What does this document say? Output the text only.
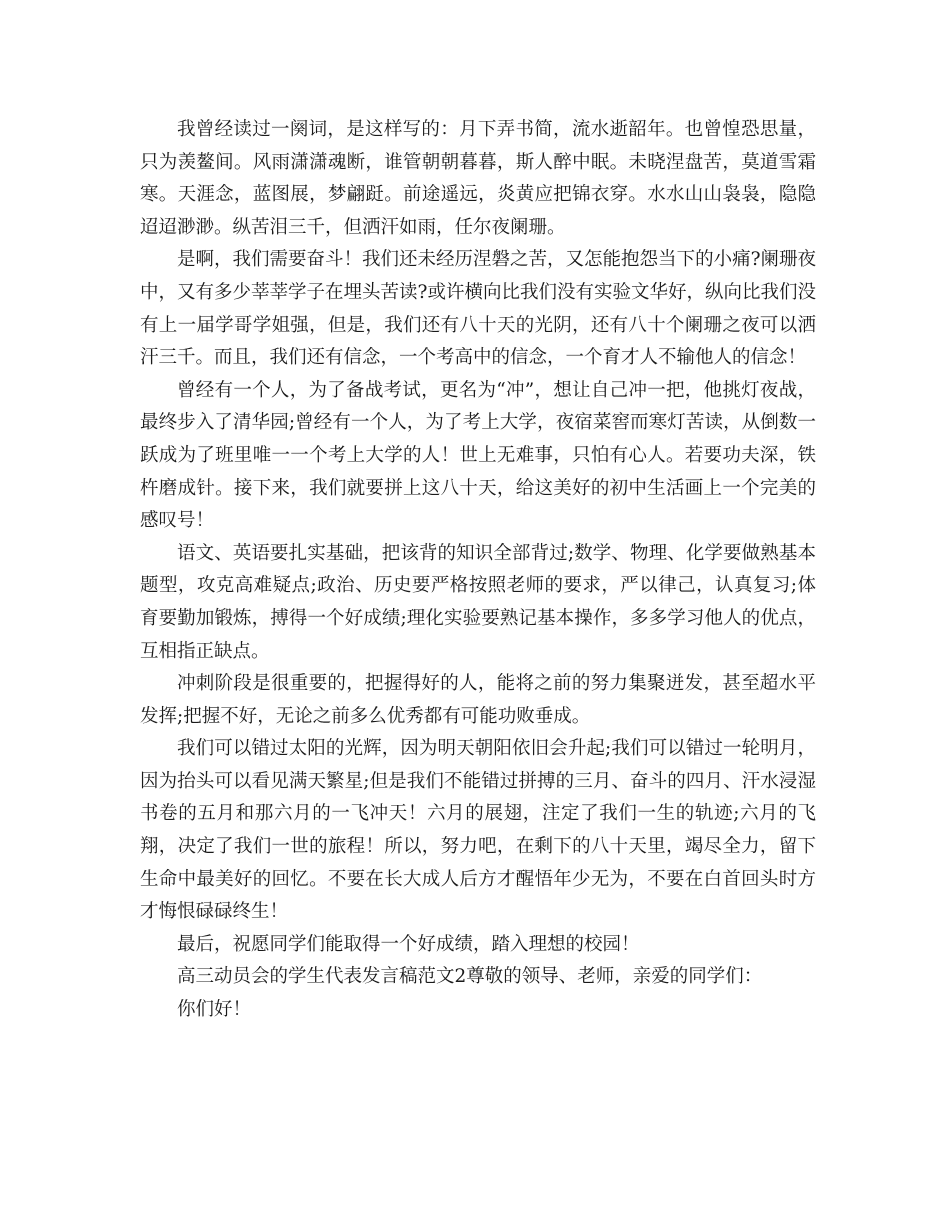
我曾经读过一阕词，是这样写的：月下弄书简，流水逝韶年。也曾惶恐思量，只为羡鳌间。风雨潇潇魂断，谁管朝朝暮暮，斯人醉中眠。未晓涅盘苦，莫道雪霜寒。天涯念，蓝图展，梦翩跹。前途遥远，炎黄应把锦衣穿。水水山山袅袅，隐隐迢迢渺渺。纵苦泪三千，但洒汗如雨，任尔夜阑珊。

是啊，我们需要奋斗！我们还未经历涅磐之苦，又怎能抱怨当下的小痛?阑珊夜中，又有多少莘莘学子在埋头苦读?或许横向比我们没有实验文华好，纵向比我们没有上一届学哥学姐强，但是，我们还有八十天的光阴，还有八十个阑珊之夜可以洒汗三千。而且，我们还有信念，一个考高中的信念，一个育才人不输他人的信念！

曾经有一个人，为了备战考试，更名为“冲”，想让自己冲一把，他挑灯夜战，最终步入了清华园;曾经有一个人，为了考上大学，夜宿菜窖而寒灯苦读，从倒数一跃成为了班里唯一一个考上大学的人！世上无难事，只怕有心人。若要功夫深，铁杵磨成针。接下来，我们就要拼上这八十天，给这美好的初中生活画上一个完美的感叹号！

语文、英语要扎实基础，把该背的知识全部背过;数学、物理、化学要做熟基本题型，攻克高难疑点;政治、历史要严格按照老师的要求，严以律己，认真复习;体育要勤加锻炼，搏得一个好成绩;理化实验要熟记基本操作，多多学习他人的优点，互相指正缺点。

冲刺阶段是很重要的，把握得好的人，能将之前的努力集聚迸发，甚至超水平发挥;把握不好，无论之前多么优秀都有可能功败垂成。

我们可以错过太阳的光辉，因为明天朝阳依旧会升起;我们可以错过一轮明月，因为抬头可以看见满天繁星;但是我们不能错过拼搏的三月、奋斗的四月、汗水浸湿书卷的五月和那六月的一飞冲天！六月的展翅，注定了我们一生的轨迹;六月的飞翔，决定了我们一世的旅程！所以，努力吧，在剩下的八十天里，竭尽全力，留下生命中最美好的回忆。不要在长大成人后方才醒悟年少无为，不要在白首回头时方才悔恨碌碌终生！

最后，祝愿同学们能取得一个好成绩，踏入理想的校园！

高三动员会的学生代表发言稿范文2尊敬的领导、老师，亲爱的同学们：

你们好！
